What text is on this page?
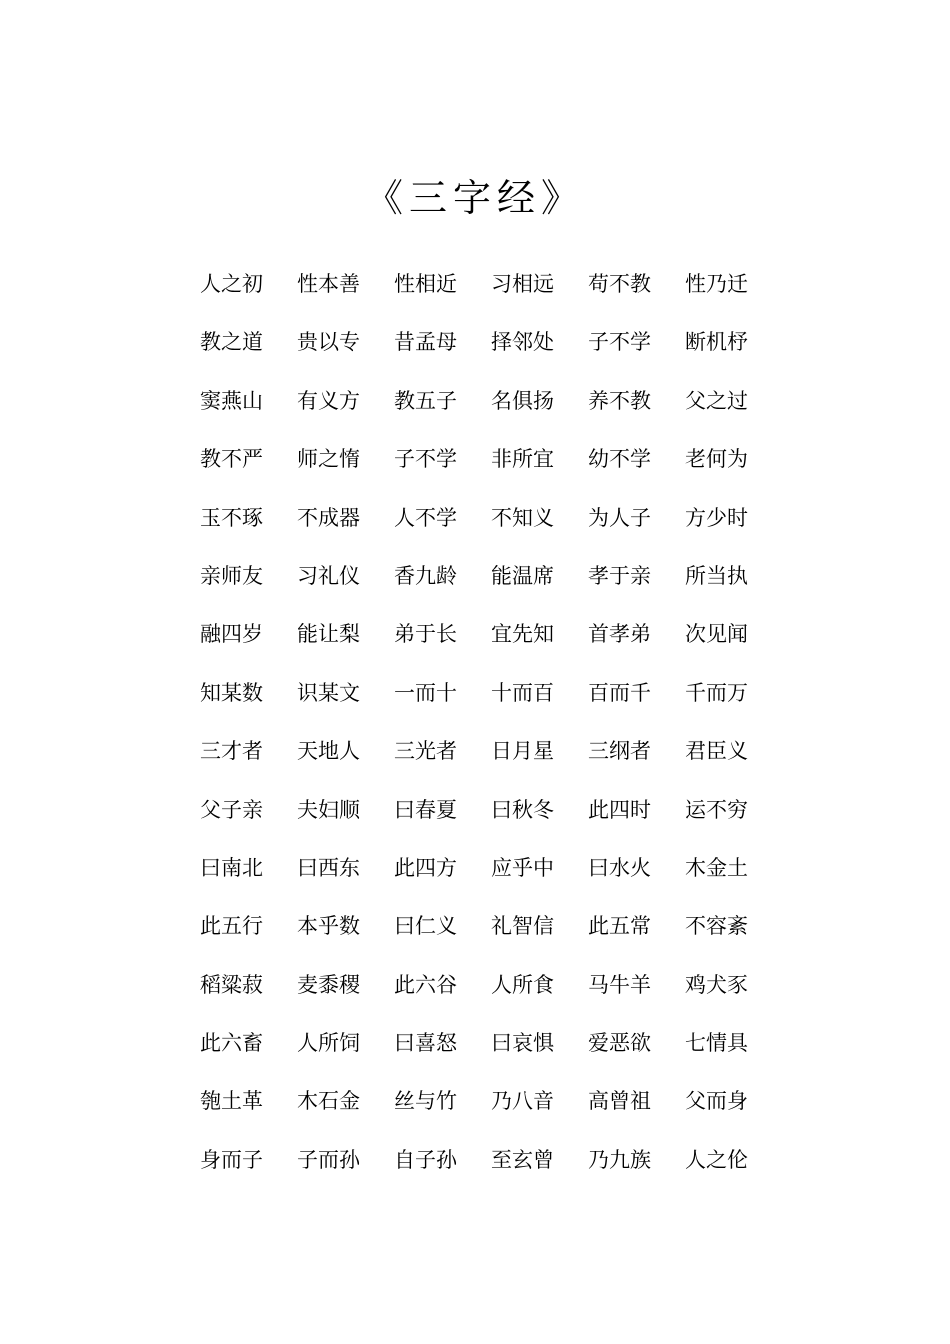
《三字经》
人之初	性本善	性相近	习相远	苟不教	性乃迁
教之道	贵以专	昔孟母	择邻处	子不学	断机杼
窦燕山	有义方	教五子	名俱扬	养不教	父之过
教不严	师之惰	子不学	非所宜	幼不学	老何为
玉不琢	不成器	人不学	不知义	为人子	方少时
亲师友	习礼仪	香九龄	能温席	孝于亲	所当执
融四岁	能让梨	弟于长	宜先知	首孝弟	次见闻
知某数	识某文	一而十	十而百	百而千	千而万
三才者	天地人	三光者	日月星	三纲者	君臣义
父子亲	夫妇顺	曰春夏	曰秋冬	此四时	运不穷
曰南北	曰西东	此四方	应乎中	曰水火	木金土
此五行	本乎数	曰仁义	礼智信	此五常	不容紊
稻粱菽	麦黍稷	此六谷	人所食	马牛羊	鸡犬豕
此六畜	人所饲	曰喜怒	曰哀惧	爱恶欲	七情具
匏土革	木石金	丝与竹	乃八音	高曾祖	父而身
身而子	子而孙	自子孙	至玄曾	乃九族	人之伦
